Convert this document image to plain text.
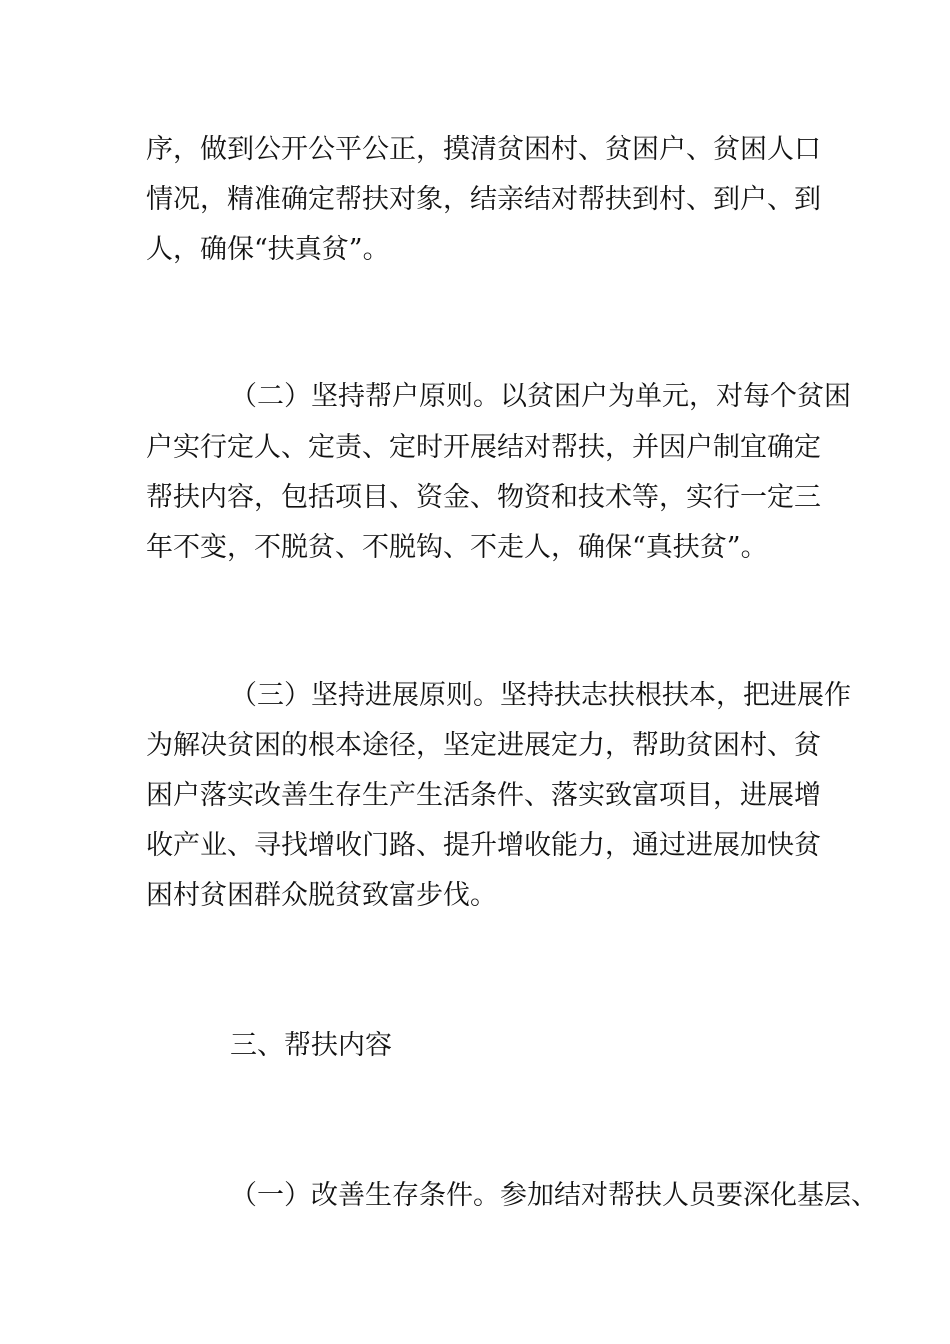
序，做到公开公平公正，摸清贫困村、贫困户、贫困人口
情况，精准确定帮扶对象，结亲结对帮扶到村、到户、到
人，确保“扶真贫”。
（二）坚持帮户原则。以贫困户为单元，对每个贫困
户实行定人、定责、定时开展结对帮扶，并因户制宜确定
帮扶内容，包括项目、资金、物资和技术等，实行一定三
年不变，不脱贫、不脱钩、不走人，确保“真扶贫”。
（三）坚持进展原则。坚持扶志扶根扶本，把进展作
为解决贫困的根本途径，坚定进展定力，帮助贫困村、贫
困户落实改善生存生产生活条件、落实致富项目，进展增
收产业、寻找增收门路、提升增收能力，通过进展加快贫
困村贫困群众脱贫致富步伐。
三、帮扶内容
（一）改善生存条件。参加结对帮扶人员要深化基层、
